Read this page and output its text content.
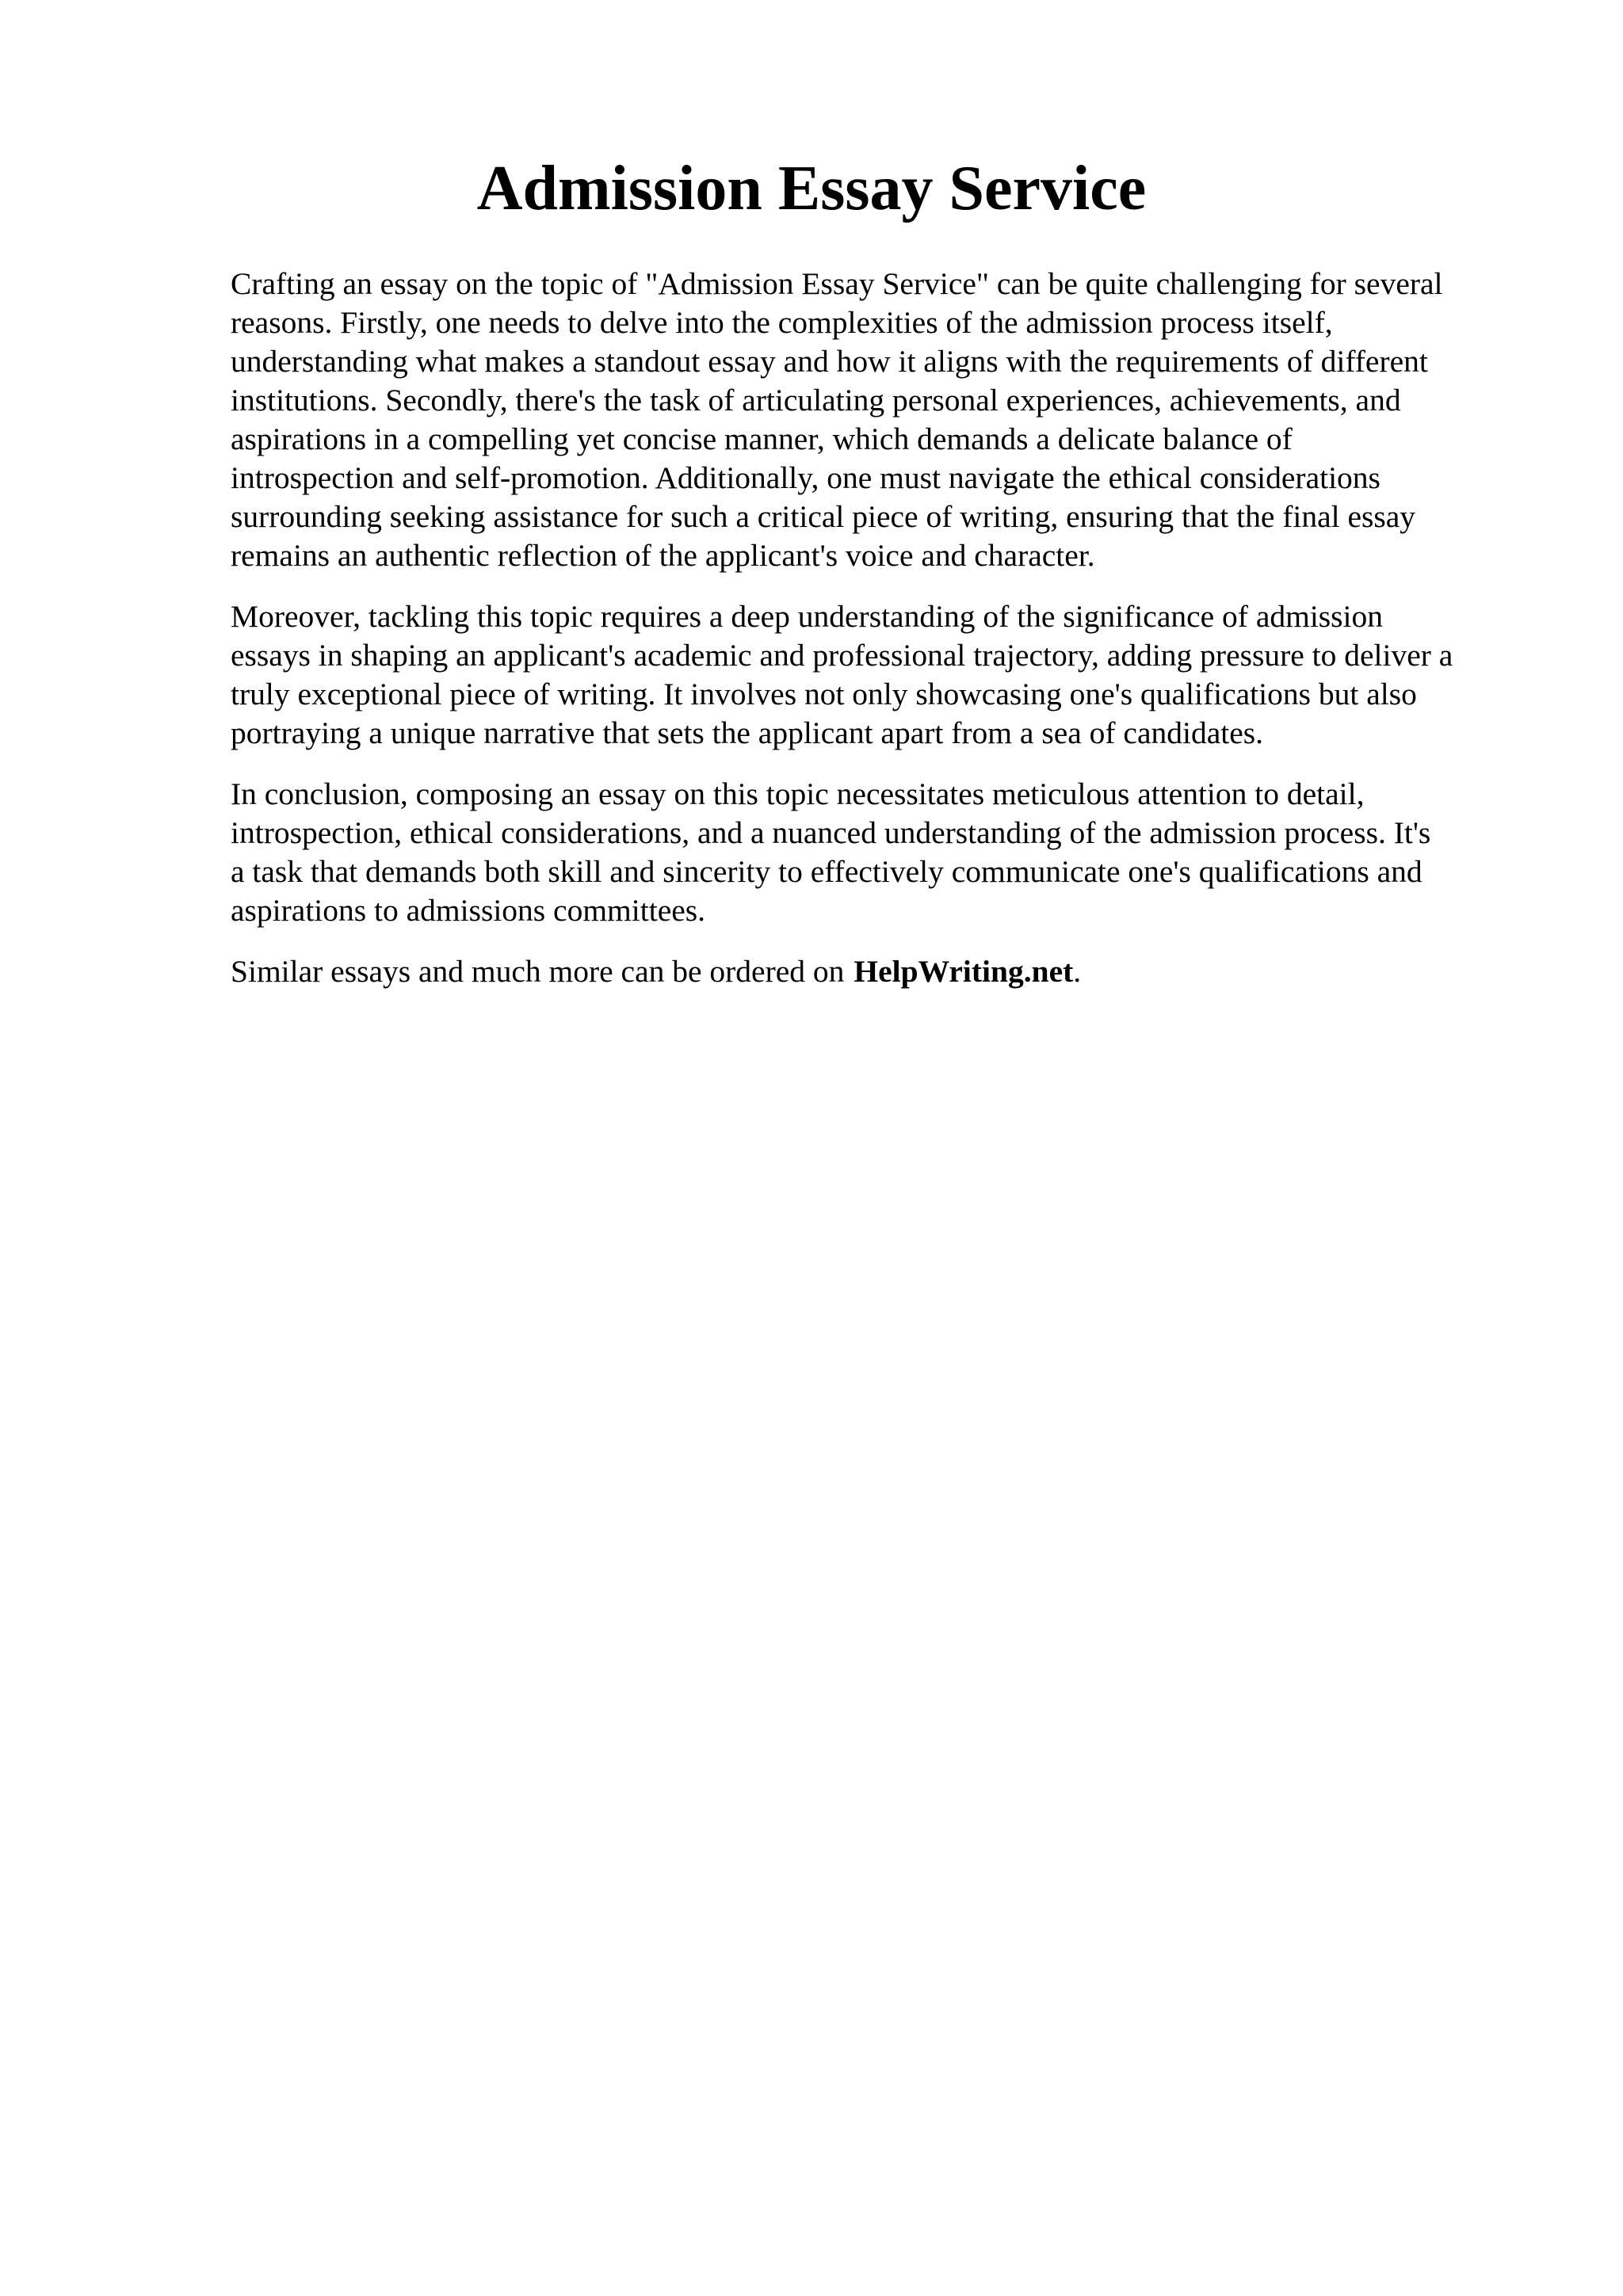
Admission Essay Service

Crafting an essay on the topic of "Admission Essay Service" can be quite challenging for several
reasons. Firstly, one needs to delve into the complexities of the admission process itself,
understanding what makes a standout essay and how it aligns with the requirements of different
institutions. Secondly, there's the task of articulating personal experiences, achievements, and
aspirations in a compelling yet concise manner, which demands a delicate balance of
introspection and self-promotion. Additionally, one must navigate the ethical considerations
surrounding seeking assistance for such a critical piece of writing, ensuring that the final essay
remains an authentic reflection of the applicant's voice and character.

Moreover, tackling this topic requires a deep understanding of the significance of admission
essays in shaping an applicant's academic and professional trajectory, adding pressure to deliver a
truly exceptional piece of writing. It involves not only showcasing one's qualifications but also
portraying a unique narrative that sets the applicant apart from a sea of candidates.

In conclusion, composing an essay on this topic necessitates meticulous attention to detail,
introspection, ethical considerations, and a nuanced understanding of the admission process. It's
a task that demands both skill and sincerity to effectively communicate one's qualifications and
aspirations to admissions committees.

Similar essays and much more can be ordered on HelpWriting.net.
